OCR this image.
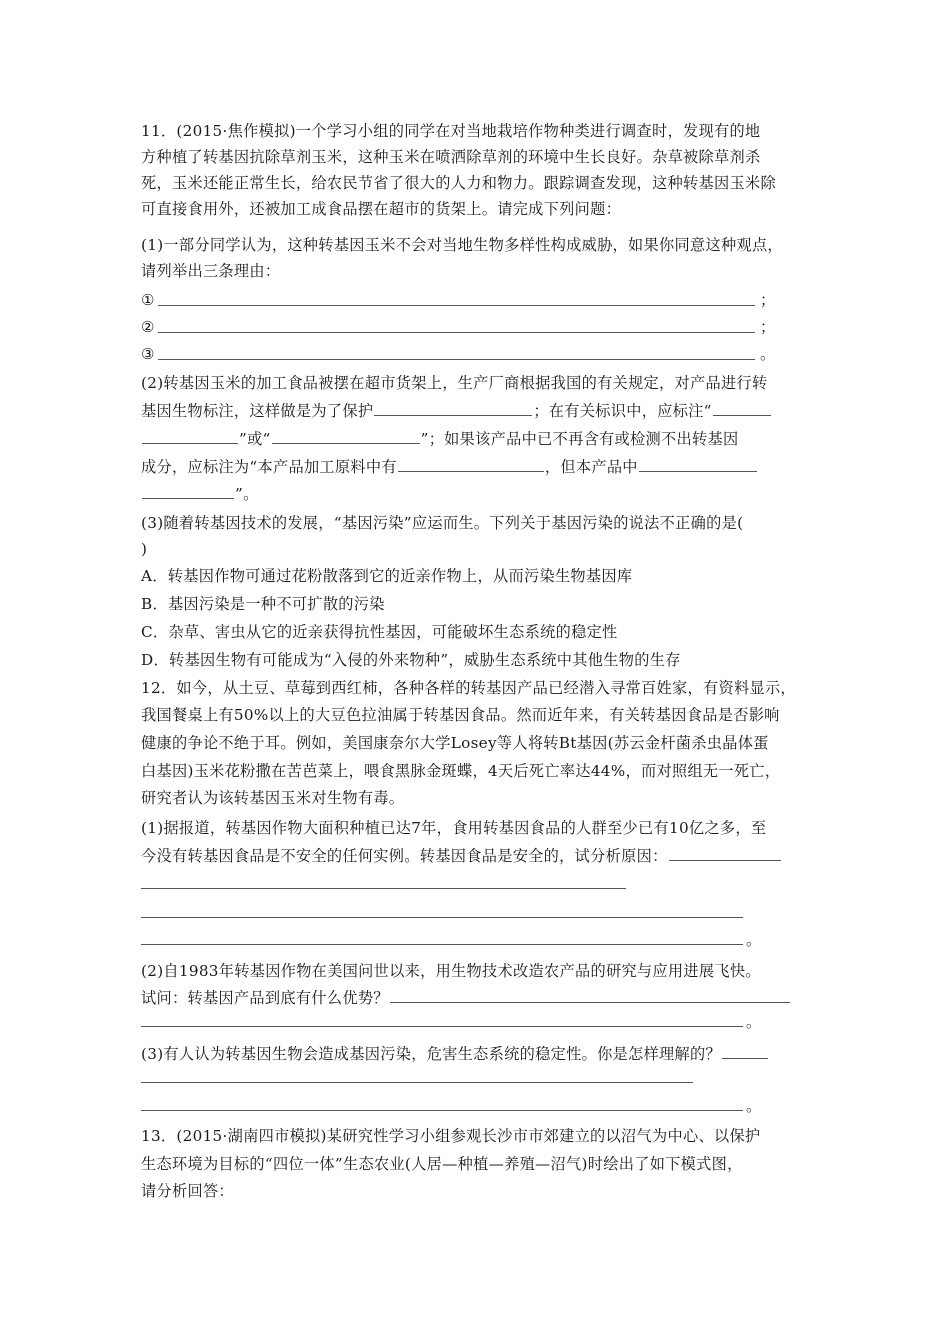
11．(2015·焦作模拟)一个学习小组的同学在对当地栽培作物种类进行调查时，发现有的地
方种植了转基因抗除草剂玉米，这种玉米在喷洒除草剂的环境中生长良好。杂草被除草剂杀
死，玉米还能正常生长，给农民节省了很大的人力和物力。跟踪调查发现，这种转基因玉米除
可直接食用外，还被加工成食品摆在超市的货架上。请完成下列问题：
(1)一部分同学认为，这种转基因玉米不会对当地生物多样性构成威胁，如果你同意这种观点，
请列举出三条理由：
①	；
②	；
③	。
(2)转基因玉米的加工食品被摆在超市货架上，生产厂商根据我国的有关规定，对产品进行转
基因生物标注，这样做是为了保护	；在有关标识中，应标注“
”或“	”；如果该产品中已不再含有或检测不出转基因
成分，应标注为“本产品加工原料中有	，但本产品中
”。
(3)随着转基因技术的发展，“基因污染”应运而生。下列关于基因污染的说法不正确的是(
)
A．转基因作物可通过花粉散落到它的近亲作物上，从而污染生物基因库
B．基因污染是一种不可扩散的污染
C．杂草、害虫从它的近亲获得抗性基因，可能破坏生态系统的稳定性
D．转基因生物有可能成为“入侵的外来物种”，威胁生态系统中其他生物的生存
12．如今，从土豆、草莓到西红柿，各种各样的转基因产品已经潜入寻常百姓家，有资料显示，
我国餐桌上有50%以上的大豆色拉油属于转基因食品。然而近年来，有关转基因食品是否影响
健康的争论不绝于耳。例如，美国康奈尔大学Losey等人将转Bt基因(苏云金杆菌杀虫晶体蛋
白基因)玉米花粉撒在苦芭菜上，喂食黑脉金斑蝶，4天后死亡率达44%，而对照组无一死亡，
研究者认为该转基因玉米对生物有毒。
(1)据报道，转基因作物大面积种植已达7年，食用转基因食品的人群至少已有10亿之多，至
今没有转基因食品是不安全的任何实例。转基因食品是安全的，试分析原因：
。
(2)自1983年转基因作物在美国问世以来，用生物技术改造农产品的研究与应用进展飞快。
试问：转基因产品到底有什么优势？
。
(3)有人认为转基因生物会造成基因污染，危害生态系统的稳定性。你是怎样理解的？
。
13．(2015·湖南四市模拟)某研究性学习小组参观长沙市市郊建立的以沼气为中心、以保护
生态环境为目标的“四位一体”生态农业(人居—种植—养殖—沼气)时绘出了如下模式图，
请分析回答：
